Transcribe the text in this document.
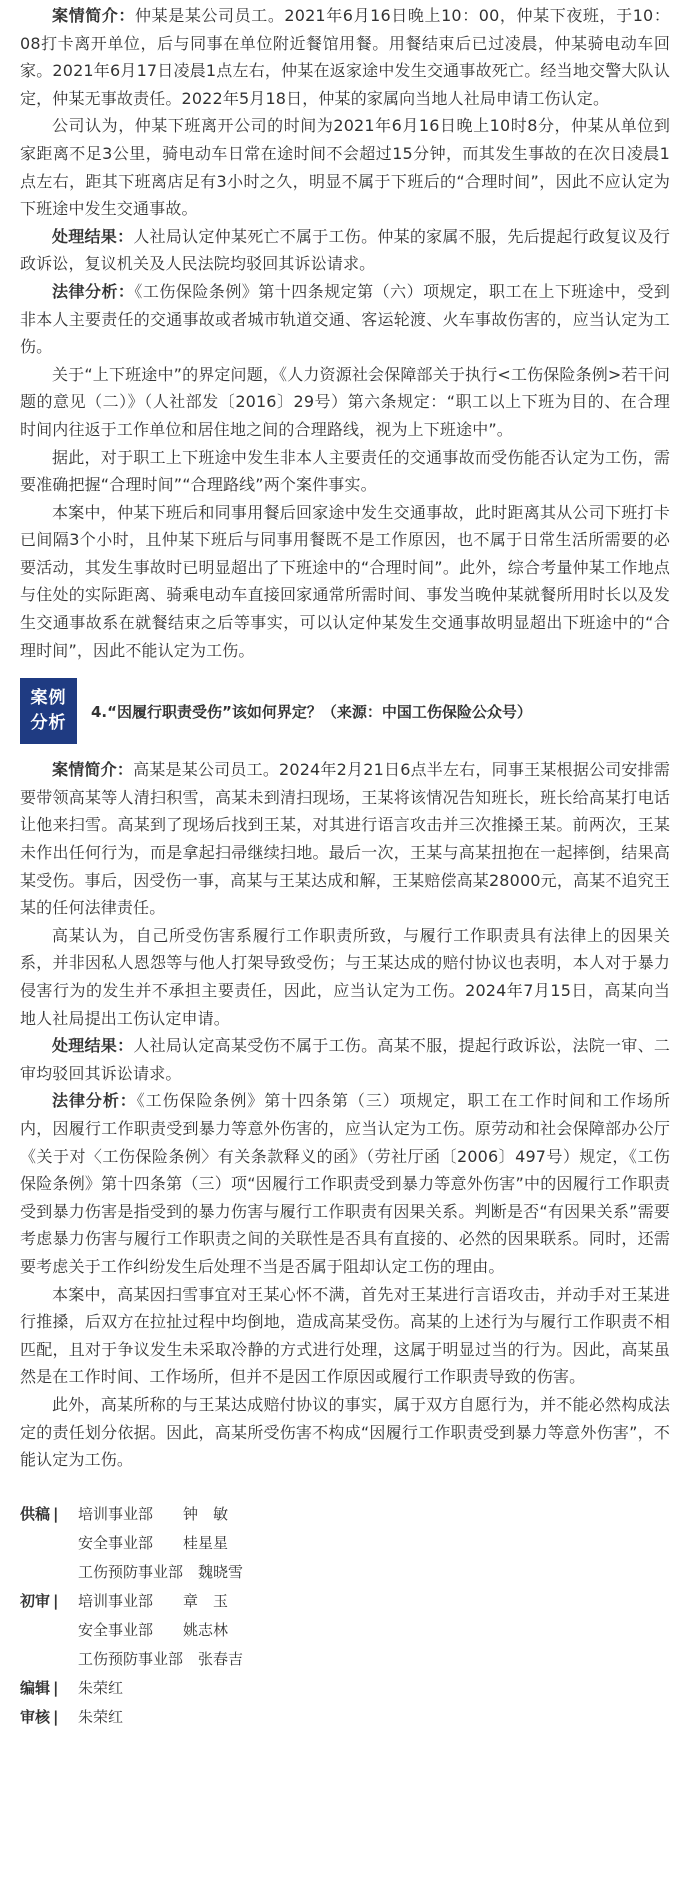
案情简介：仲某是某公司员工。2021年6月16日晚上10：00，仲某下夜班，于10：08打卡离开单位，后与同事在单位附近餐馆用餐。用餐结束后已过凌晨，仲某骑电动车回家。2021年6月17日凌晨1点左右，仲某在返家途中发生交通事故死亡。经当地交警大队认定，仲某无事故责任。2022年5月18日，仲某的家属向当地人社局申请工伤认定。

公司认为，仲某下班离开公司的时间为2021年6月16日晚上10时8分，仲某从单位到家距离不足3公里，骑电动车日常在途时间不会超过15分钟，而其发生事故的在次日凌晨1点左右，距其下班离店足有3小时之久，明显不属于下班后的“合理时间”，因此不应认定为下班途中发生交通事故。

处理结果：人社局认定仲某死亡不属于工伤。仲某的家属不服，先后提起行政复议及行政诉讼，复议机关及人民法院均驳回其诉讼请求。

法律分析：《工伤保险条例》第十四条规定第（六）项规定，职工在上下班途中，受到非本人主要责任的交通事故或者城市轨道交通、客运轮渡、火车事故伤害的，应当认定为工伤。

关于“上下班途中”的界定问题，《人力资源社会保障部关于执行<工伤保险条例>若干问题的意见（二）》（人社部发〔2016〕29号）第六条规定：“职工以上下班为目的、在合理时间内往返于工作单位和居住地之间的合理路线，视为上下班途中”。

据此，对于职工上下班途中发生非本人主要责任的交通事故而受伤能否认定为工伤，需要准确把握“合理时间”“合理路线”两个案件事实。

本案中，仲某下班后和同事用餐后回家途中发生交通事故，此时距离其从公司下班打卡已间隔3个小时，且仲某下班后与同事用餐既不是工作原因，也不属于日常生活所需要的必要活动，其发生事故时已明显超出了下班途中的“合理时间”。此外，综合考量仲某工作地点与住处的实际距离、骑乘电动车直接回家通常所需时间、事发当晚仲某就餐所用时长以及发生交通事故系在就餐结束之后等事实，可以认定仲某发生交通事故明显超出下班途中的“合理时间”，因此不能认定为工伤。

案例
分析
4.“因履行职责受伤”该如何界定？（来源：中国工伤保险公众号）

案情简介：高某是某公司员工。2024年2月21日6点半左右，同事王某根据公司安排需要带领高某等人清扫积雪，高某未到清扫现场，王某将该情况告知班长，班长给高某打电话让他来扫雪。高某到了现场后找到王某，对其进行语言攻击并三次推搡王某。前两次，王某未作出任何行为，而是拿起扫帚继续扫地。最后一次，王某与高某扭抱在一起摔倒，结果高某受伤。事后，因受伤一事，高某与王某达成和解，王某赔偿高某28000元，高某不追究王某的任何法律责任。

高某认为，自己所受伤害系履行工作职责所致，与履行工作职责具有法律上的因果关系，并非因私人恩怨等与他人打架导致受伤；与王某达成的赔付协议也表明，本人对于暴力侵害行为的发生并不承担主要责任，因此，应当认定为工伤。2024年7月15日，高某向当地人社局提出工伤认定申请。

处理结果：人社局认定高某受伤不属于工伤。高某不服，提起行政诉讼，法院一审、二审均驳回其诉讼请求。

法律分析：《工伤保险条例》第十四条第（三）项规定，职工在工作时间和工作场所内，因履行工作职责受到暴力等意外伤害的，应当认定为工伤。原劳动和社会保障部办公厅《关于对〈工伤保险条例〉有关条款释义的函》（劳社厅函〔2006〕497号）规定，《工伤保险条例》第十四条第（三）项“因履行工作职责受到暴力等意外伤害”中的因履行工作职责受到暴力伤害是指受到的暴力伤害与履行工作职责有因果关系。判断是否“有因果关系”需要考虑暴力伤害与履行工作职责之间的关联性是否具有直接的、必然的因果联系。同时，还需要考虑关于工作纠纷发生后处理不当是否属于阻却认定工伤的理由。

本案中，高某因扫雪事宜对王某心怀不满，首先对王某进行言语攻击，并动手对王某进行推搡，后双方在拉扯过程中均倒地，造成高某受伤。高某的上述行为与履行工作职责不相匹配，且对于争议发生未采取冷静的方式进行处理，这属于明显过当的行为。因此，高某虽然是在工作时间、工作场所，但并不是因工作原因或履行工作职责导致的伤害。

此外，高某所称的与王某达成赔付协议的事实，属于双方自愿行为，并不能必然构成法定的责任划分依据。因此，高某所受伤害不构成“因履行工作职责受到暴力等意外伤害”，不能认定为工伤。

供稿 |	培训事业部　　钟　敏
安全事业部　　桂星星
工伤预防事业部　魏晓雪
初审 |	培训事业部　　章　玉
安全事业部　　姚志林
工伤预防事业部　张春吉
编辑 |	朱荣红
审核 |	朱荣红
